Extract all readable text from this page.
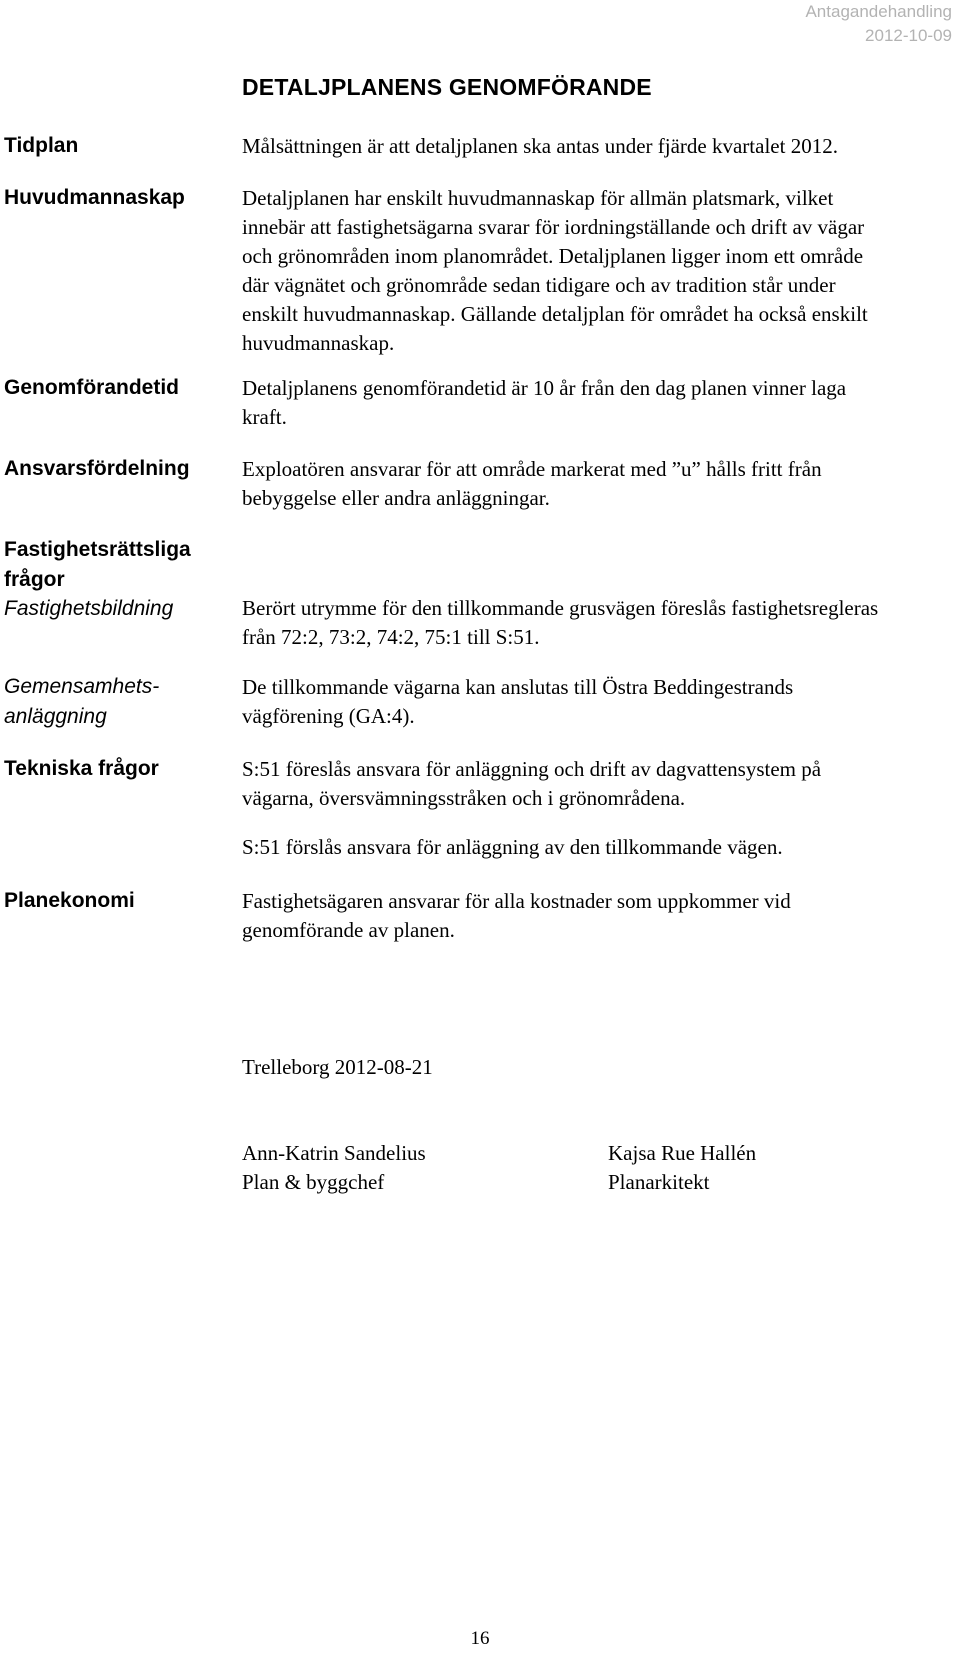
Antagandehandling
2012-10-09
DETALJPLANENS GENOMFÖRANDE
Tidplan
Huvudmannaskap
Genomförandetid
Ansvarsfördelning
Fastighetsrättsliga
frågor
Fastighetsbildning
Gemensamhets-
anläggning
Tekniska frågor
Planekonomi
Målsättningen är att detaljplanen ska antas under fjärde kvartalet 2012.
Detaljplanen har enskilt huvudmannaskap för allmän platsmark, vilket
innebär att fastighetsägarna svarar för iordningställande och drift av vägar
och grönområden inom planområdet. Detaljplanen ligger inom ett område
där vägnätet och grönområde sedan tidigare och av tradition står under
enskilt huvudmannaskap. Gällande detaljplan för området ha också enskilt
huvudmannaskap.
Detaljplanens genomförandetid är 10 år från den dag planen vinner laga
kraft.
Exploatören ansvarar för att område markerat med ”u” hålls fritt från
bebyggelse eller andra anläggningar.
Berört utrymme för den tillkommande grusvägen föreslås fastighetsregleras
från 72:2, 73:2, 74:2, 75:1 till S:51.
De tillkommande vägarna kan anslutas till Östra Beddingestrands
vägförening (GA:4).
S:51 föreslås ansvara för anläggning och drift av dagvattensystem på
vägarna, översvämningsstråken och i grönområdena.
S:51 förslås ansvara för anläggning av den tillkommande vägen.
Fastighetsägaren ansvarar för alla kostnader som uppkommer vid
genomförande av planen.
Trelleborg 2012-08-21
Ann-Katrin Sandelius
Plan & byggchef
Kajsa Rue Hallén
Planarkitekt
16
